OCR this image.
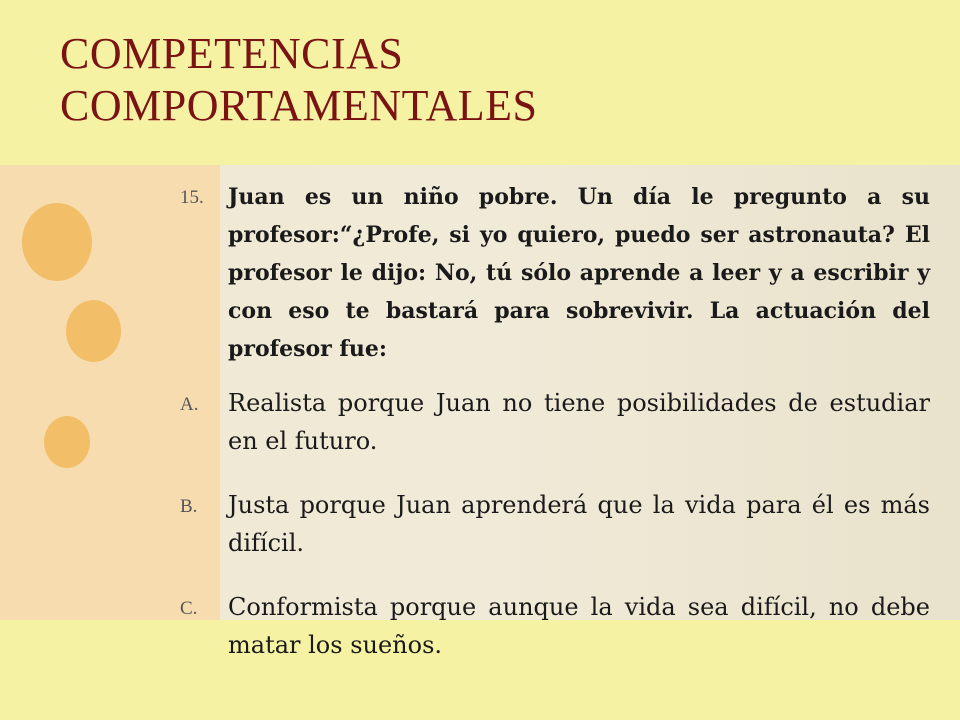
COMPETENCIAS
COMPORTAMENTALES
15. Juan es un niño pobre. Un día le pregunto a su profesor:“¿Profe, si yo quiero, puedo ser astronauta? El profesor le dijo: No, tú sólo aprende a leer y a escribir y con eso te bastará para sobrevivir. La actuación del profesor fue:
A. Realista porque Juan no tiene posibilidades de estudiar en el futuro.
B. Justa porque Juan aprenderá que la vida para él es más difícil.
C. Conformista porque aunque la vida sea difícil, no debe matar los sueños.
